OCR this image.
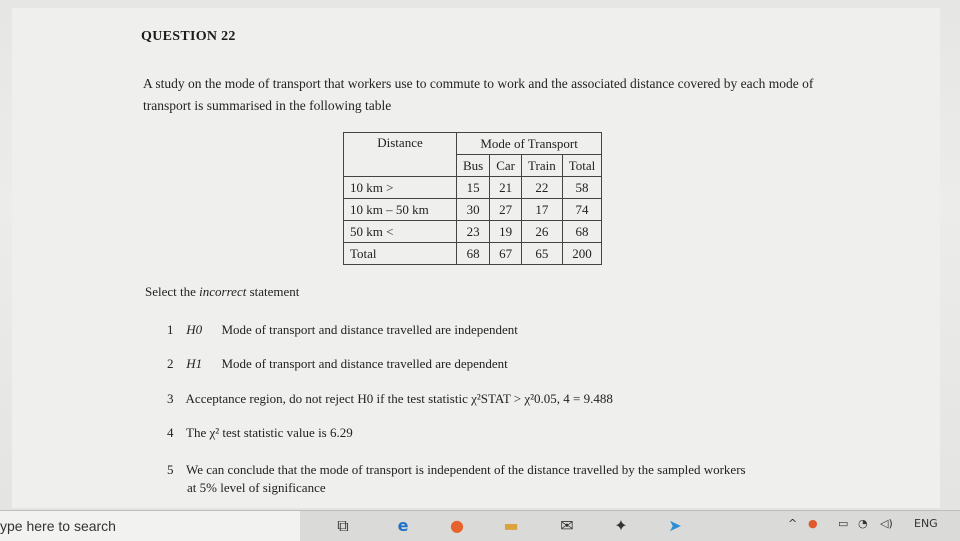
QUESTION 22
A study on the mode of transport that workers use to commute to work and the associated distance covered by each mode of transport is summarised in the following table
Distance	Mode of Transport			
	Bus	Car	Train	Total
10 km >	15	21	22	58
10 km – 50 km	30	27	17	74
50 km <	23	19	26	68
Total	68	67	65	200
Select the incorrect statement
1 H0 Mode of transport and distance travelled are independent
2 H1 Mode of transport and distance travelled are dependent
3 Acceptance region, do not reject H0 if the test statistic χ²STAT > χ²0.05, 4 = 9.488
4 The χ² test statistic value is 6.29
5 We can conclude that the mode of transport is independent of the distance travelled by the sampled workers
at 5% level of significance
ype here to search	⧉	e	● ▬	✉	✦	➤	^ ● ▭ ◔ ◁) ENG
